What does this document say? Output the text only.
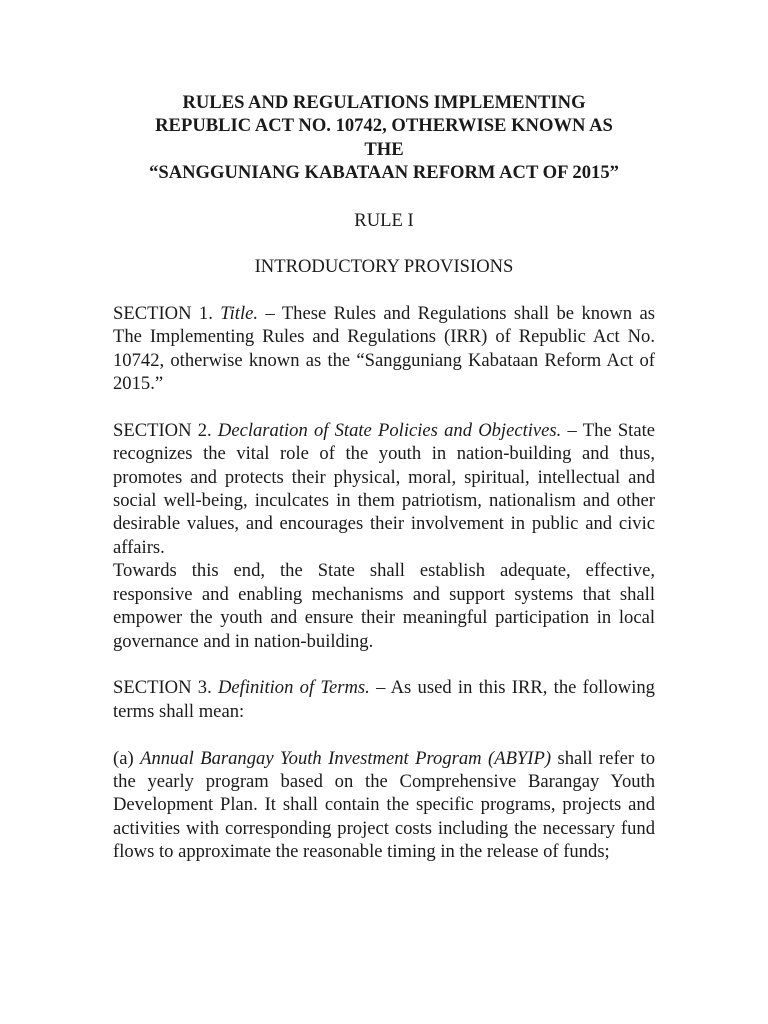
RULES AND REGULATIONS IMPLEMENTING
REPUBLIC ACT NO. 10742, OTHERWISE KNOWN AS
THE
“SANGGUNIANG KABATAAN REFORM ACT OF 2015”
RULE I
INTRODUCTORY PROVISIONS

SECTION 1. Title. – These Rules and Regulations shall be known as The Implementing Rules and Regulations (IRR) of Republic Act No. 10742, otherwise known as the “Sangguniang Kabataan Reform Act of 2015.”

SECTION 2. Declaration of State Policies and Objectives. – The State recognizes the vital role of the youth in nation-building and thus, promotes and protects their physical, moral, spiritual, intellectual and social well-being, inculcates in them patriotism, nationalism and other desirable values, and encourages their involvement in public and civic affairs.

Towards this end, the State shall establish adequate, effective, responsive and enabling mechanisms and support systems that shall empower the youth and ensure their meaningful participation in local governance and in nation-building.

SECTION 3. Definition of Terms. – As used in this IRR, the following terms shall mean:

(a) Annual Barangay Youth Investment Program (ABYIP) shall refer to the yearly program based on the Comprehensive Barangay Youth Development Plan. It shall contain the specific programs, projects and activities with corresponding project costs including the necessary fund flows to approximate the reasonable timing in the release of funds;
